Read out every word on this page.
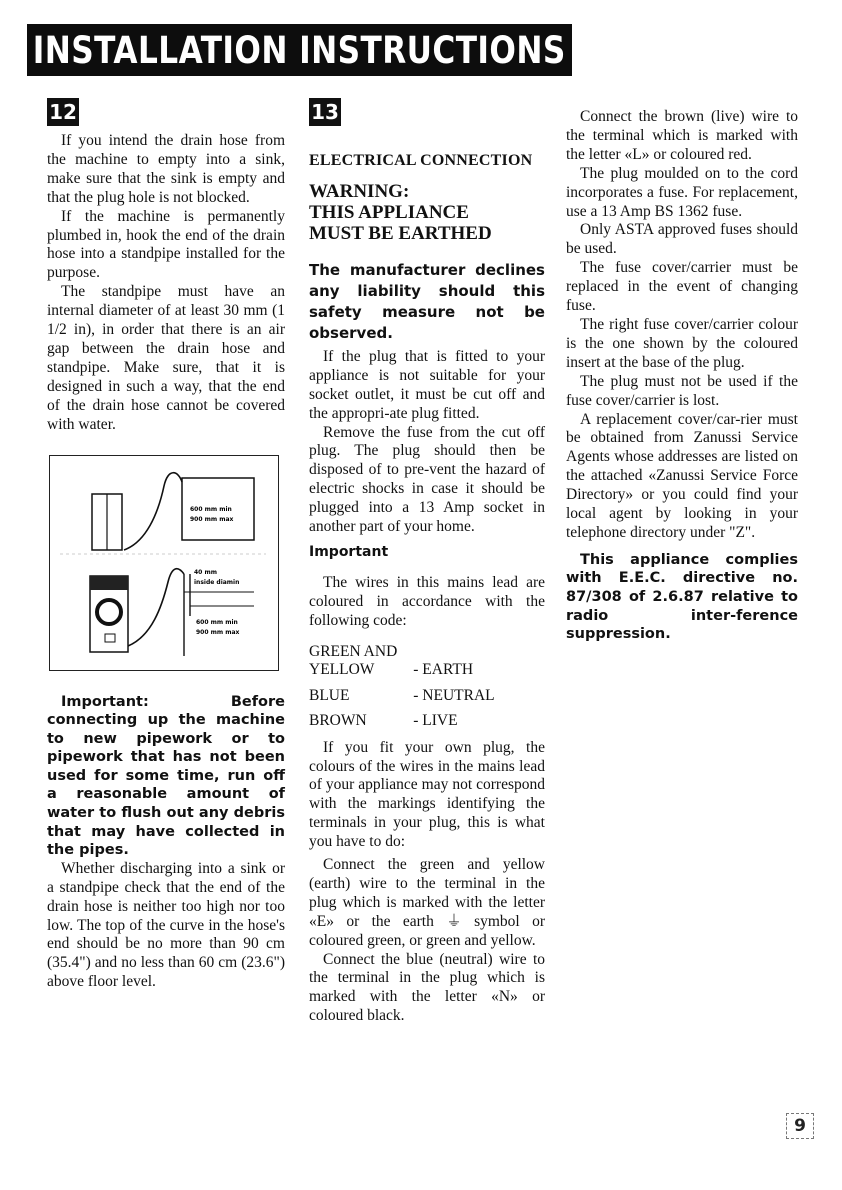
INSTALLATION INSTRUCTIONS
12

If you intend the drain hose from the machine to empty into a sink, make sure that the sink is empty and that the plug hole is not blocked.

If the machine is permanently plumbed in, hook the end of the drain hose into a standpipe installed for the purpose.

The standpipe must have an internal diameter of at least 30 mm (1 1/2 in), in order that there is an air gap between the drain hose and standpipe. Make sure, that it is designed in such a way, that the end of the drain hose cannot be covered with water.

600 mm min
900 mm max
40 mm
inside diamin
600 mm min
900 mm max

Important: Before connecting up the machine to new pipework or to pipework that has not been used for some time, run off a reasonable amount of water to flush out any debris that may have collected in the pipes.

Whether discharging into a sink or a standpipe check that the end of the drain hose is neither too high nor too low. The top of the curve in the hose's end should be no more than 90 cm (35.4") and no less than 60 cm (23.6") above floor level.

13
ELECTRICAL CONNECTION
WARNING:
THIS APPLIANCE
MUST BE EARTHED

The manufacturer declines any liability should this safety measure not be observed.

If the plug that is fitted to your appliance is not suitable for your socket outlet, it must be cut off and the appropri-ate plug fitted.

Remove the fuse from the cut off plug. The plug should then be disposed of to pre-vent the hazard of electric shocks in case it should be plugged into a 13 Amp socket in another part of your home.

Important

The wires in this mains lead are coloured in accordance with the following code:

GREEN AND	
YELLOW	- EARTH
BLUE	- NEUTRAL
BROWN	- LIVE

If you fit your own plug, the colours of the wires in the mains lead of your appliance may not correspond with the markings identifying the terminals in your plug, this is what you have to do:

Connect the green and yellow (earth) wire to the terminal in the plug which is marked with the letter «E» or the earth ⏚ symbol or coloured green, or green and yellow.

Connect the blue (neutral) wire to the terminal in the plug which is marked with the letter «N» or coloured black.

Connect the brown (live) wire to the terminal which is marked with the letter «L» or coloured red.

The plug moulded on to the cord incorporates a fuse. For replacement, use a 13 Amp BS 1362 fuse.

Only ASTA approved fuses should be used.

The fuse cover/carrier must be replaced in the event of changing fuse.

The right fuse cover/carrier colour is the one shown by the coloured insert at the base of the plug.

The plug must not be used if the fuse cover/carrier is lost.

A replacement cover/car-rier must be obtained from Zanussi Service Agents whose addresses are listed on the attached «Zanussi Service Force Directory» or you could find your local agent by looking in your telephone directory under "Z".

This appliance complies with E.E.C. directive no. 87/308 of 2.6.87 relative to radio inter-ference suppression.

9
